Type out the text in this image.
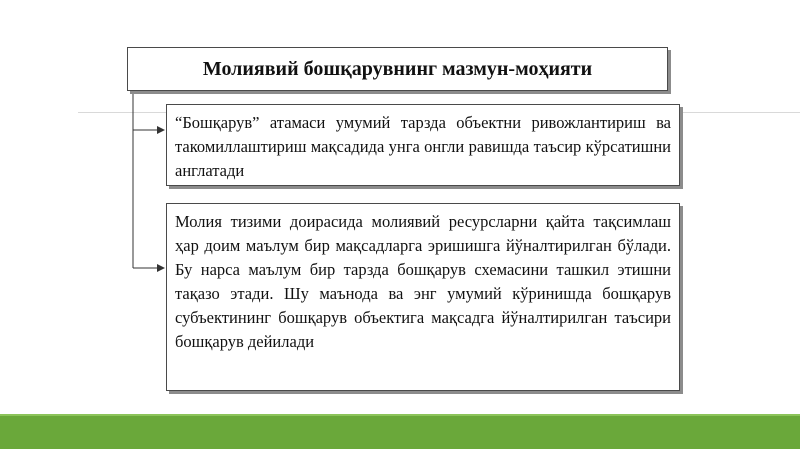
Молиявий бошқарувнинг мазмун-моҳияти
“Бошқарув” атамаси умумий тарзда объектни ривожлантириш ва такомиллаштириш мақсадида унга онгли равишда таъсир кўрсатишни англатади
Молия тизими доирасида молиявий ресурсларни қайта тақсимлаш ҳар доим маълум бир мақсадларга эришишга йўналтирилган бўлади. Бу нарса маълум бир тарзда бошқарув схемасини ташкил этишни тақазо этади. Шу маънода ва энг умумий кўринишда бошқарув субъектининг бошқарув объектига мақсадга йўналтирилган таъсири бошқарув дейилади
